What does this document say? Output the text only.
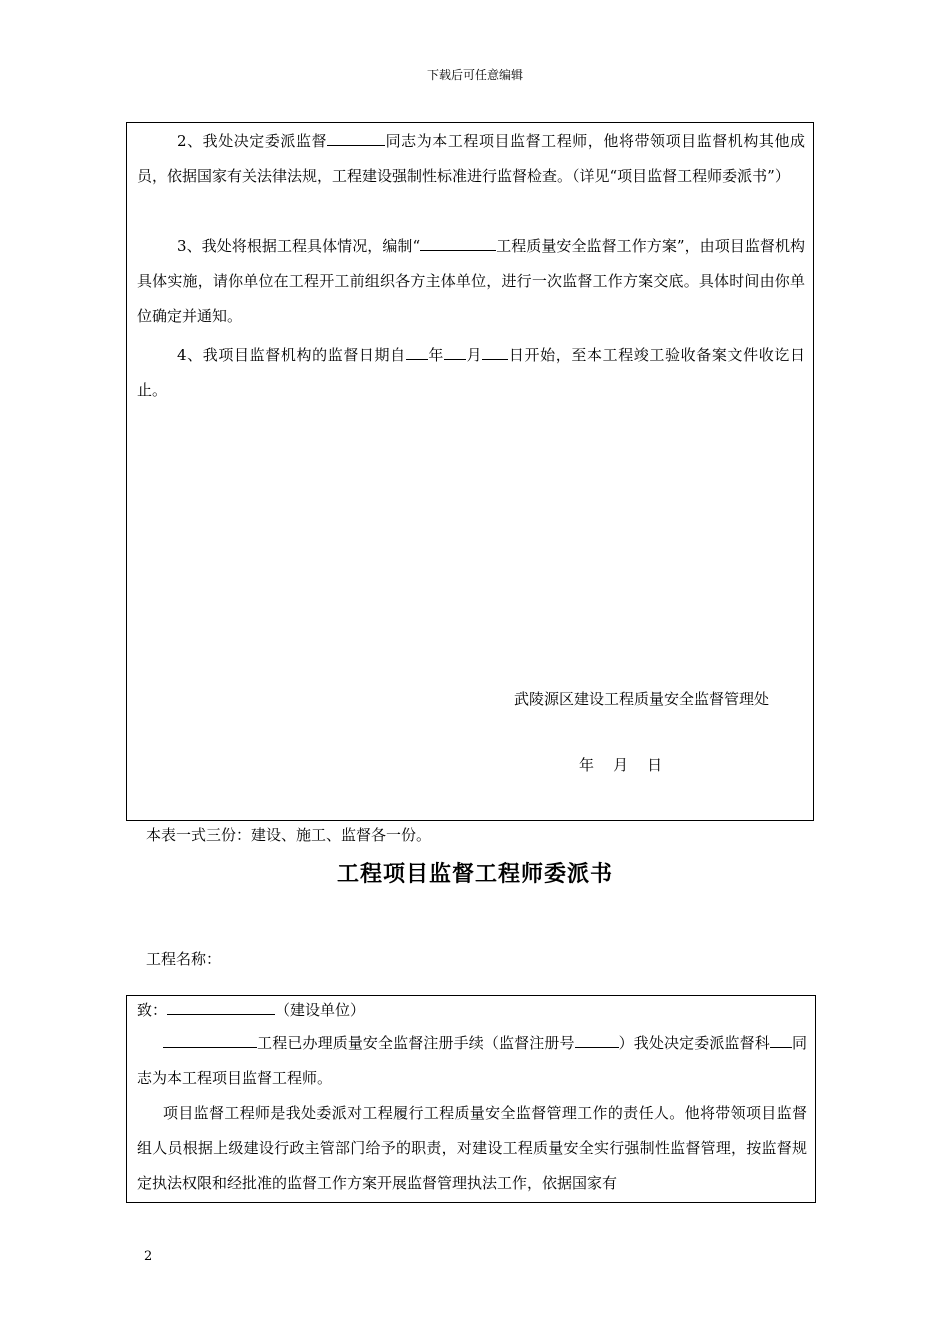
下载后可任意编辑

2、我处决定委派监督	同志为本工程项目监督工程师，他将带领项目监督机构其他成员，依据国家有关法律法规，工程建设强制性标准进行监督检查。（详见“项目监督工程师委派书”）

3、我处将根据工程具体情况，编制“	工程质量安全监督工作方案”，由项目监督机构具体实施，请你单位在工程开工前组织各方主体单位，进行一次监督工作方案交底。具体时间由你单位确定并通知。

4、我项目监督机构的监督日期自 年 月 日开始，至本工程竣工验收备案文件收讫日止。

武陵源区建设工程质量安全监督管理处
年    月    日
本表一式三份：建设、施工、监督各一份。
工程项目监督工程师委派书
工程名称：

致：	（建设单位）

工程已办理质量安全监督注册手续（监督注册号	）我处决定委派监督科 同志为本工程项目监督工程师。

项目监督工程师是我处委派对工程履行工程质量安全监督管理工作的责任人。他将带领项目监督组人员根据上级建设行政主管部门给予的职责，对建设工程质量安全实行强制性监督管理，按监督规定执法权限和经批准的监督工作方案开展监督管理执法工作，依据国家有

2
